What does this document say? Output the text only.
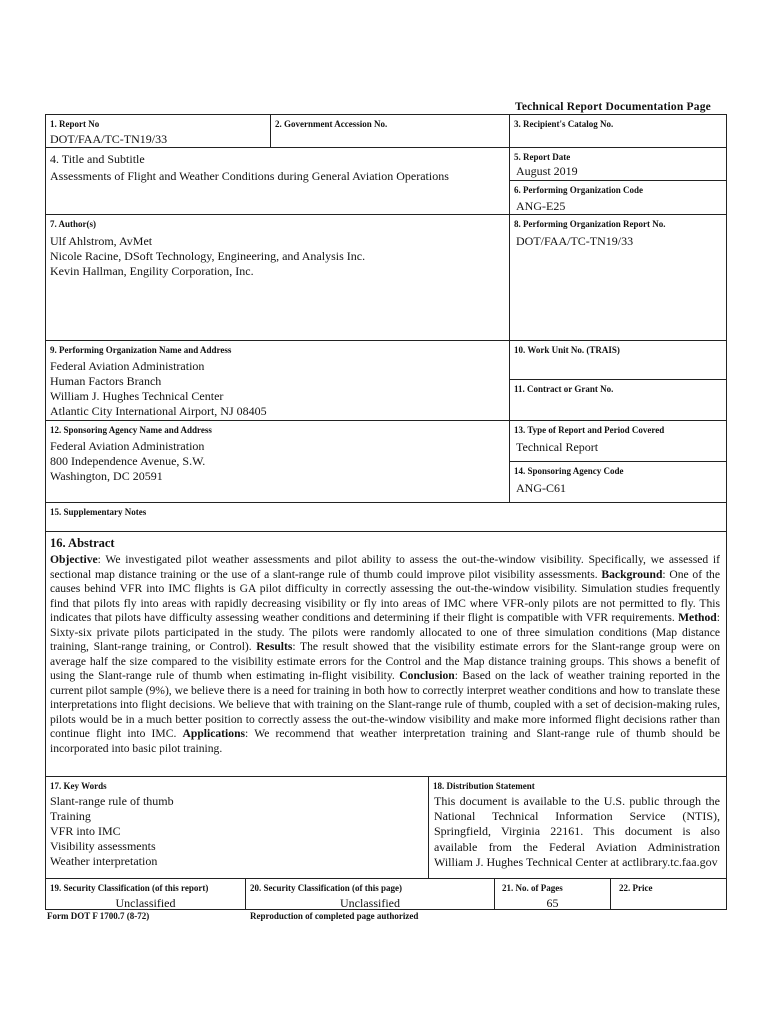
Technical Report Documentation Page
1. Report No
DOT/FAA/TC-TN19/33
2. Government Accession No.	3. Recipient's Catalog No.
4. Title and Subtitle
Assessments of Flight and Weather Conditions during General Aviation Operations
5. Report Date
August 2019
6. Performing Organization Code
ANG-E25
7. Author(s)
Ulf Ahlstrom, AvMet
Nicole Racine, DSoft Technology, Engineering, and Analysis Inc.
Kevin Hallman, Engility Corporation, Inc.
8. Performing Organization Report No.
DOT/FAA/TC-TN19/33
9. Performing Organization Name and Address
Federal Aviation Administration
Human Factors Branch
William J. Hughes Technical Center
Atlantic City International Airport, NJ 08405
10. Work Unit No. (TRAIS)
11. Contract or Grant No.
12. Sponsoring Agency Name and Address
Federal Aviation Administration
800 Independence Avenue, S.W.
Washington, DC 20591
13. Type of Report and Period Covered
Technical Report
14. Sponsoring Agency Code
ANG-C61
15. Supplementary Notes
16. Abstract
Objective: We investigated pilot weather assessments and pilot ability to assess the out-the-window visibility. Specifically, we assessed if sectional map distance training or the use of a slant-range rule of thumb could improve pilot visibility assessments. Background: One of the causes behind VFR into IMC flights is GA pilot difficulty in correctly assessing the out-the-window visibility. Simulation studies frequently find that pilots fly into areas with rapidly decreasing visibility or fly into areas of IMC where VFR-only pilots are not permitted to fly. This indicates that pilots have difficulty assessing weather conditions and determining if their flight is compatible with VFR requirements. Method: Sixty-six private pilots participated in the study. The pilots were randomly allocated to one of three simulation conditions (Map distance training, Slant-range training, or Control). Results: The result showed that the visibility estimate errors for the Slant-range group were on average half the size compared to the visibility estimate errors for the Control and the Map distance training groups. This shows a benefit of using the Slant-range rule of thumb when estimating in-flight visibility. Conclusion: Based on the lack of weather training reported in the current pilot sample (9%), we believe there is a need for training in both how to correctly interpret weather conditions and how to translate these interpretations into flight decisions. We believe that with training on the Slant-range rule of thumb, coupled with a set of decision-making rules, pilots would be in a much better position to correctly assess the out-the-window visibility and make more informed flight decisions rather than continue flight into IMC. Applications: We recommend that weather interpretation training and Slant-range rule of thumb should be incorporated into basic pilot training.
17. Key Words
Slant-range rule of thumb
Training
VFR into IMC
Visibility assessments
Weather interpretation
18. Distribution Statement
This document is available to the U.S. public through the National Technical Information Service (NTIS), Springfield, Virginia 22161. This document is also available from the Federal Aviation Administration William J. Hughes Technical Center at actlibrary.tc.faa.gov
19. Security Classification (of this report)
Unclassified
20. Security Classification (of this page)
Unclassified
21. No. of Pages
65
22. Price
Form DOT F 1700.7 (8-72)	Reproduction of completed page authorized
